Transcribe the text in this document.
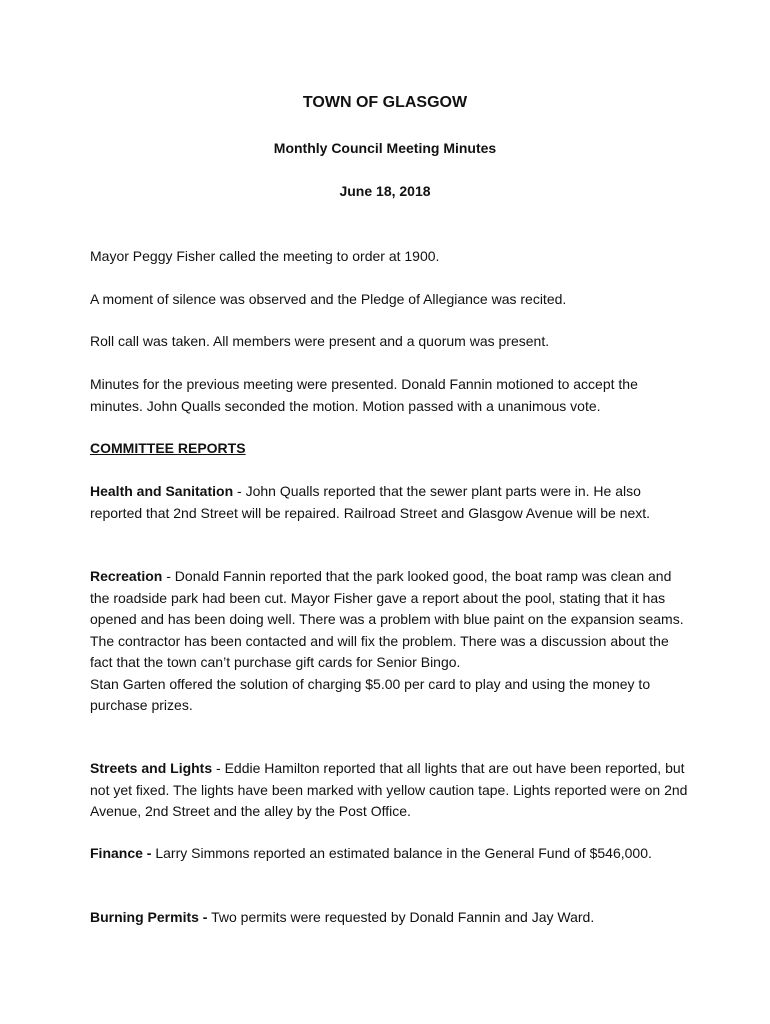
TOWN OF GLASGOW
Monthly Council Meeting Minutes
June 18, 2018

Mayor Peggy Fisher called the meeting to order at 1900.

A moment of silence was observed and the Pledge of Allegiance was recited.

Roll call was taken. All members were present and a quorum was present.

Minutes for the previous meeting were presented. Donald Fannin motioned to accept the minutes. John Qualls seconded the motion. Motion passed with a unanimous vote.

COMMITTEE REPORTS

Health and Sanitation - John Qualls reported that the sewer plant parts were in. He also reported that 2nd Street will be repaired. Railroad Street and Glasgow Avenue will be next.

Recreation - Donald Fannin reported that the park looked good, the boat ramp was clean and the roadside park had been cut. Mayor Fisher gave a report about the pool, stating that it has opened and has been doing well. There was a problem with blue paint on the expansion seams. The contractor has been contacted and will fix the problem. There was a discussion about the fact that the town can’t purchase gift cards for Senior Bingo.
Stan Garten offered the solution of charging $5.00 per card to play and using the money to purchase prizes.

Streets and Lights - Eddie Hamilton reported that all lights that are out have been reported, but not yet fixed. The lights have been marked with yellow caution tape. Lights reported were on 2nd Avenue, 2nd Street and the alley by the Post Office.

Finance - Larry Simmons reported an estimated balance in the General Fund of $546,000.

Burning Permits - Two permits were requested by Donald Fannin and Jay Ward.
